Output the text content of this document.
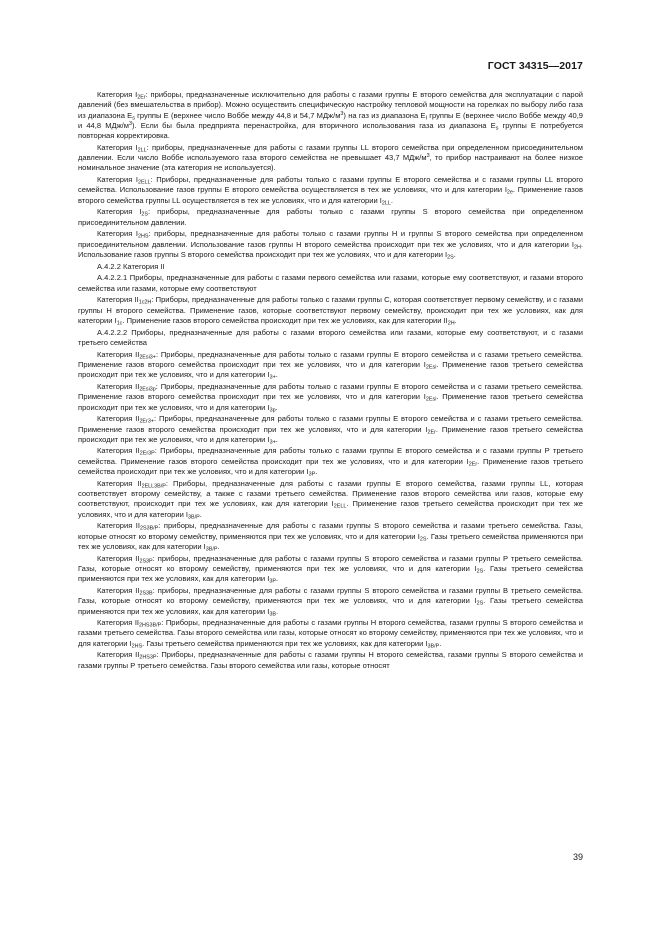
ГОСТ 34315—2017

Категория $I_{2Er}$: приборы, предназначенные исключительно для работы с газами группы Е второго семейства для эксплуатации с парой давлений (без вмешательства в прибор). Можно осуществить специфическую настройку тепловой мощности на горелках по выбору либо газа из диапазона $Е_s$ группы Е (верхнее число Воббе между 44,8 и 54,7 МДж/$м^3$) на газ из диапазона $Е_I$ группы Е (верхнее число Воббе между 40,9 и 44,8 МДж/$м^3$). Если бы была предприята перенастройка, для вторичного использования газа из диапазона $Е_s$ группы Е потребуется повторная корректировка.

Категория $I_{2LL}$: приборы, предназначенные для работы с газами группы LL второго семейства при определенном присоединительном давлении. Если число Воббе используемого газа второго семейства не превышает 43,7 МДж/$м^3$, то прибор настраивают на более низкое номинальное значение (эта категория не используется).

Категория $I_{2ELL}$: Приборы, предназначенные для работы только с газами группы Е второго семейства и с газами группы LL второго семейства. Использование газов группы Е второго семейства осуществляется в тех же условиях, что и для категории $I_{2е}$. Применение газов второго семейства группы LL осуществляется в тех же условиях, что и для категории $I_{2LL}$.

Категория $I_{2S}$: приборы, предназначенные для работы только с газами группы S второго семейства при определенном присоединительном давлении.

Категория $I_{2HS}$: приборы, предназначенные для работы только с газами группы Н и группы S второго семейства при определенном присоединительном давлении. Использование газов группы Н второго семейства происходит при тех же условиях, что и для категории $I_{2H}$. Использование газов группы S второго семейства происходит при тех же условиях, что и для категории $I_{2S}$.

А.4.2.2 Категория II

А.4.2.2.1 Приборы, предназначенные для работы с газами первого семейства или газами, которые ему соответствуют, и газами второго семейства или газами, которые ему соответствуют

Категория $II_{1c2H}$: Приборы, предназначенные для работы только с газами группы С, которая соответствует первому семейству, и с газами группы Н второго семейства. Применение газов, которые соответствуют первому семейству, происходит при тех же условиях, как для категории $I_{1c}$. Применение газов второго семейства происходит при тех же условиях, как для категории $II_{2H}$.

А.4.2.2.2 Приборы, предназначенные для работы с газами второго семейства или газами, которые ему соответствуют, и с газами третьего семейства

Категория $II_{2Esi3+}$: Приборы, предназначенные для работы только с газами группы Е второго семейства и с газами третьего семейства. Применение газов второго семейства происходит при тех же условиях, что и для категории $I_{2Esi}$. Применение газов третьего семейства происходит при тех же условиях, что и для категории $I_{3+}$.

Категория $II_{2Esi3p}$: Приборы, предназначенные для работы только с газами группы Е второго семейства и с газами третьего семейства. Применение газов второго семейства происходит при тех же условиях, что и для категории $I_{2Esi}$. Применение газов третьего семейства происходит при тех же условиях, что и для категории $I_{3p}$.

Категория $II_{2Er3+}$: Приборы, предназначенные для работы только с газами группы Е второго семейства и с газами третьего семейства. Применение газов второго семейства происходит при тех же условиях, что и для категории $I_{2Er}$. Применение газов третьего семейства происходит при тех же условиях, что и для категории $I_{3+}$.

Категория $II_{2Er3P}$: Приборы, предназначенные для работы только с газами группы Е второго семейства и с газами группы Р третьего семейства. Применение газов второго семейства происходит при тех же условиях, что и для категории $I_{2Er}$. Применение газов третьего семейства происходит при тех же условиях, что и для категории $I_{3P}$.

Категория $II_{2ELL3B/P}$: Приборы, предназначенные для работы с газами группы Е второго семейства, газами группы LL, которая соответствует второму семейству, а также с газами третьего семейства. Применение газов второго семейства или газов, которые ему соответствуют, происходит при тех же условиях, как для категории $I_{2ELL}$. Применение газов третьего семейства происходит при тех же условиях, что и для категории $I_{3B/P}$.

Категория $II_{2S3B/P}$: приборы, предназначенные для работы с газами группы S второго семейства и газами третьего семейства. Газы, которые относят ко второму семейству, применяются при тех же условиях, что и для категории $I_{2S}$. Газы третьего семейства применяются при тех же условиях, как для категории $I_{3B/P}$.

Категория $II_{2S3P}$: приборы, предназначенные для работы с газами группы S второго семейства и газами группы Р третьего семейства. Газы, которые относят ко второму семейству, применяются при тех же условиях, что и для категории $I_{2S}$. Газы третьего семейства применяются при тех же условиях, как для категории $I_{3P}$.

Категория $II_{2S3B}$: приборы, предназначенные для работы с газами группы S второго семейства и газами группы В третьего семейства. Газы, которые относят ко второму семейству, применяются при тех же условиях, что и для категории $I_{2S}$. Газы третьего семейства применяются при тех же условиях, как для категории $I_{3B}$.

Категория $II_{2HS3B/P}$: Приборы, предназначенные для работы с газами группы Н второго семейства, газами группы S второго семейства и газами третьего семейства. Газы второго семейства или газы, которые относят ко второму семейству, применяются при тех же условиях, что и для категории $I_{2HS}$. Газы третьего семейства применяются при тех же условиях, как для категории $I_{3B/P}$.

Категория $II_{2HS3P}$: Приборы, предназначенные для работы с газами группы Н второго семейства, газами группы S второго семейства и газами группы Р третьего семейства. Газы второго семейства или газы, которые относят

39
